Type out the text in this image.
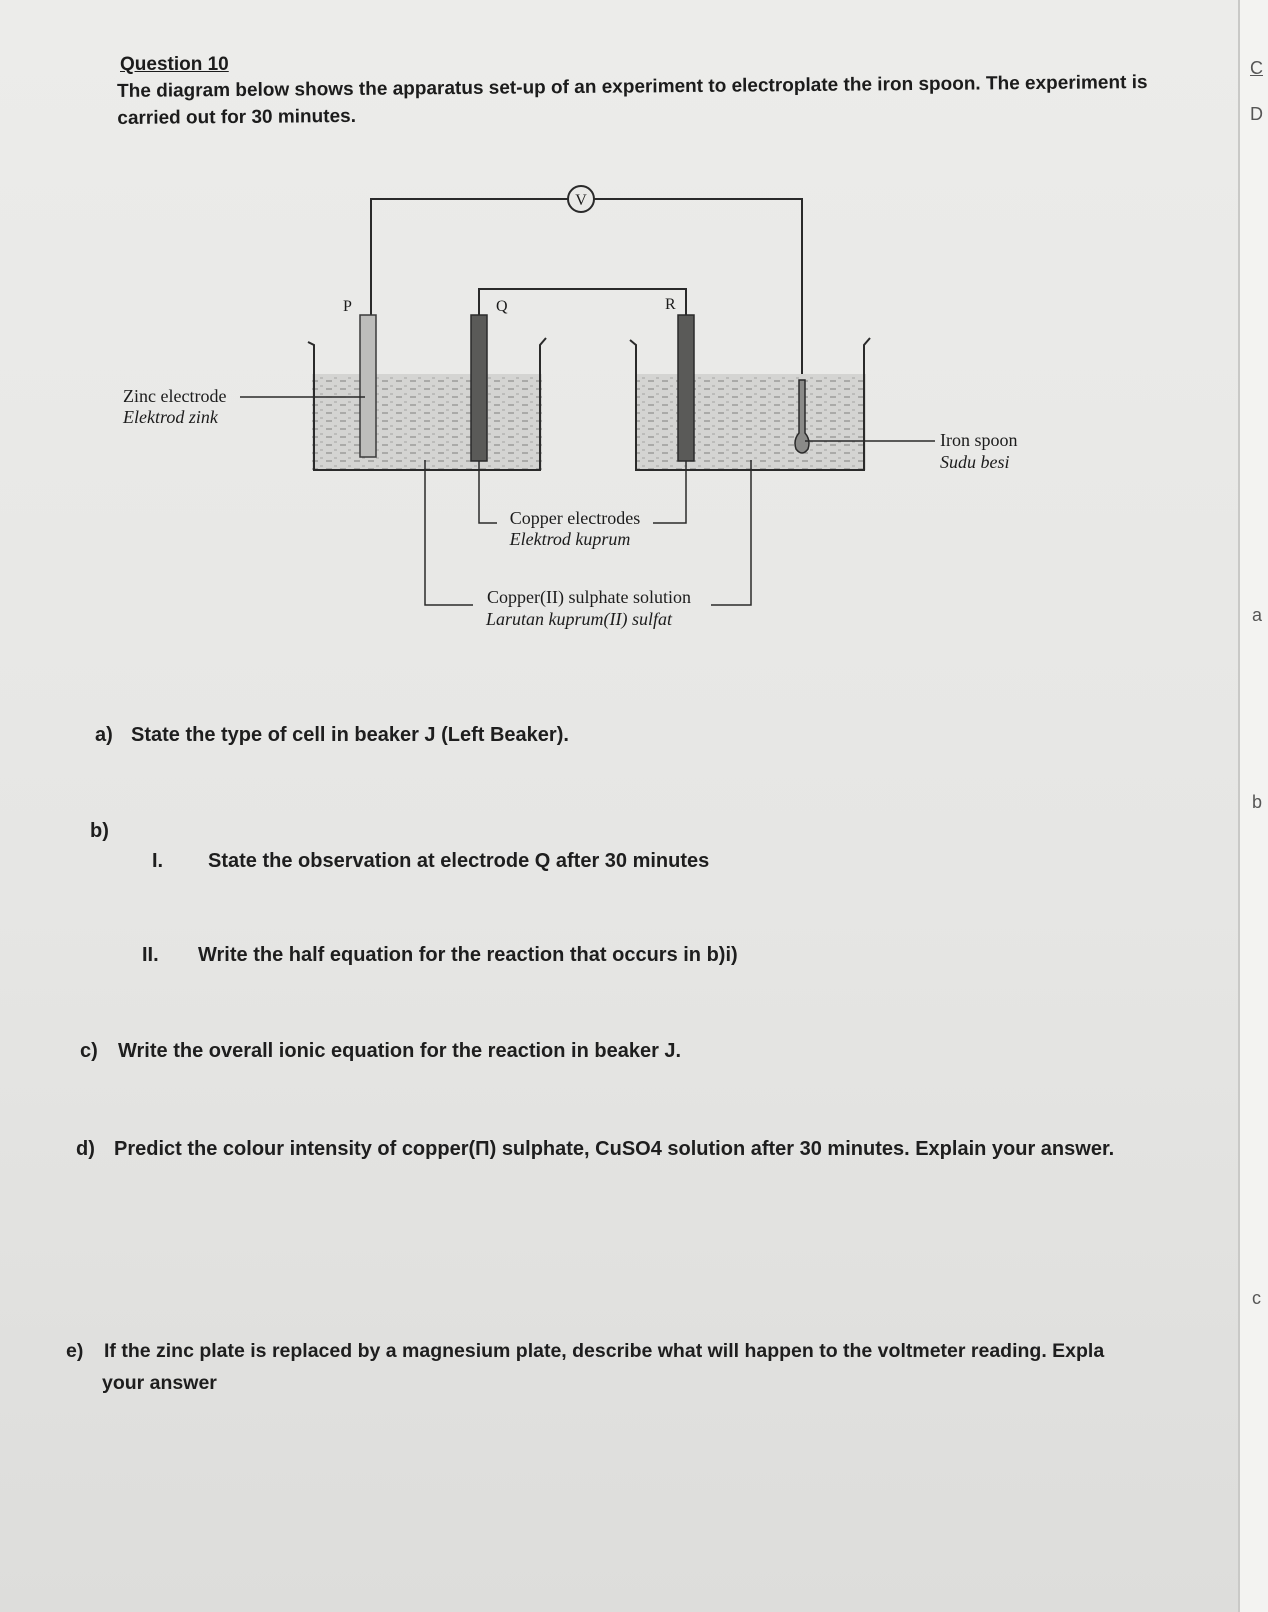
C
D
a
b
c
Question 10
The diagram below shows the apparatus set-up of an experiment to electroplate the iron spoon. The experiment is carried out for 30 minutes.
V
P	Q	R
Zinc electrode
Elektrod zink
Iron spoon
Sudu besi
Copper electrodes
Elektrod kuprum
Copper(II) sulphate solution
Larutan kuprum(II) sulfat
a) State the type of cell in beaker J (Left Beaker).
b)
I. State the observation at electrode Q after 30 minutes
II. Write the half equation for the reaction that occurs in b)i)
c) Write the overall ionic equation for the reaction in beaker J.
d) Predict the colour intensity of copper(Π) sulphate, CuSO4 solution after 30 minutes. Explain your answer.
e) If the zinc plate is replaced by a magnesium plate, describe what will happen to the voltmeter reading. Expla
your answer
